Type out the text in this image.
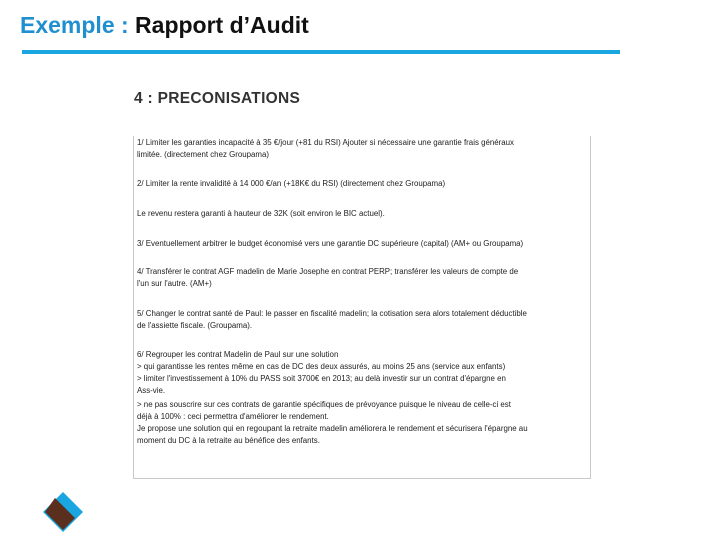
Exemple : Rapport d’Audit
4 : PRECONISATIONS
1/ Limiter les garanties incapacité à 35 €/jour (+81 du RSI) Ajouter si nécessaire une garantie frais généraux
limitée. (directement chez Groupama)
2/ Limiter la rente invalidité à 14 000 €/an (+18K€ du RSI) (directement chez Groupama)
Le revenu restera garanti à hauteur de 32K (soit environ le BIC actuel).
3/ Eventuellement arbitrer le budget économisé vers une garantie DC supérieure (capital) (AM+ ou Groupama)
4/ Transférer le contrat AGF madelin de Marie Josephe en contrat PERP; transférer les valeurs de compte de
l'un sur l'autre. (AM+)
5/ Changer le contrat santé de Paul: le passer en fiscalité madelin; la cotisation sera alors totalement déductible
de l'assiette fiscale. (Groupama).
6/ Regrouper les contrat Madelin de Paul sur une solution
> qui garantisse les rentes même en cas de DC des deux assurés, au moins 25 ans (service aux enfants)
> limiter l'investissement à 10% du PASS soit 3700€ en 2013; au delà investir sur un contrat d'épargne en
Ass-vie.
> ne pas souscrire sur ces contrats de garantie spécifiques de prévoyance puisque le niveau de celle-ci est
déjà à 100% : ceci permettra d'améliorer le rendement.
Je propose une solution qui en regoupant la retraite madelin améliorera le rendement et sécurisera l'épargne au
moment du DC à la retraite au bénéfice des enfants.
